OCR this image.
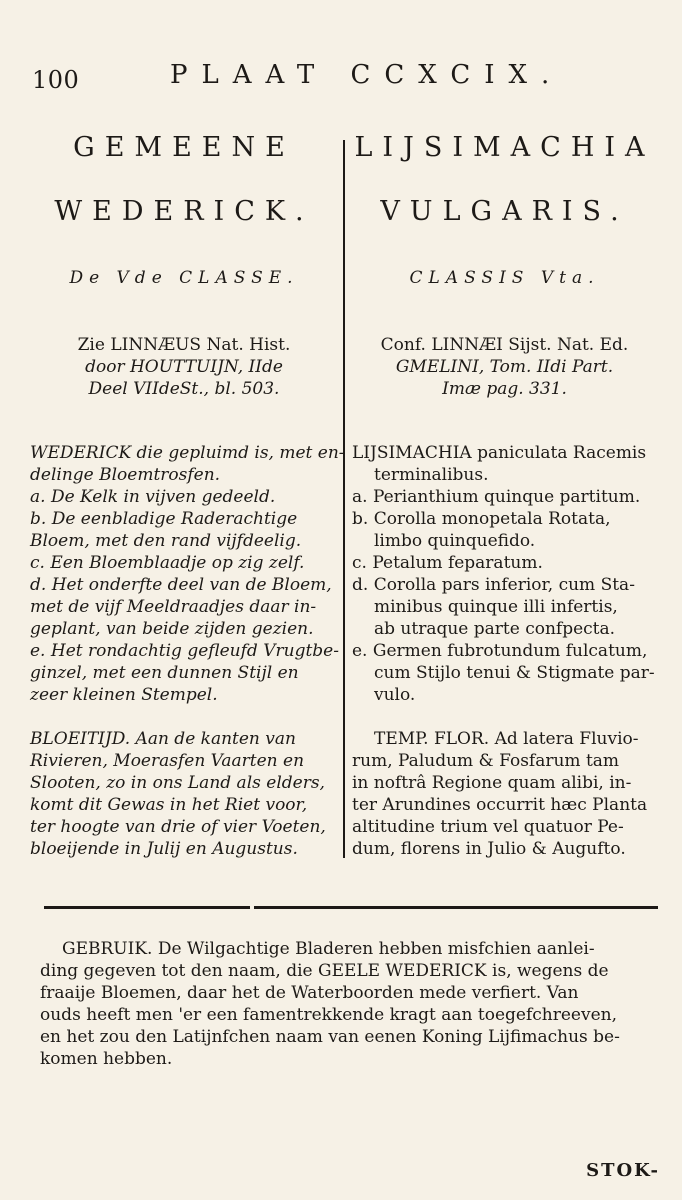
100	PLAAT CCXCIX.
GEMEENE
WEDERICK.
De Vde CLASSE.
Zie LINNÆUS Nat. Hist.
door HOUTTUIJN, IIde
Deel VIIdeSt., bl. 503.
WEDERICK die gepluimd is, met en-
delinge Bloemtrosfen.
a. De Kelk in vijven gedeeld.
b. De eenbladige Raderachtige
Bloem, met den rand vijfdeelig.
c. Een Bloemblaadje op zig zelf.
d. Het onderfte deel van de Bloem,
met de vijf Meeldraadjes daar in-
geplant, van beide zijden gezien.
e. Het rondachtig gefleufd Vrugtbe-
ginzel, met een dunnen Stijl en
zeer kleinen Stempel.
BLOEITIJD. Aan de kanten van
Rivieren, Moerasfen Vaarten en
Slooten, zo in ons Land als elders,
komt dit Gewas in het Riet voor,
ter hoogte van drie of vier Voeten,
bloeijende in Julij en Augustus.
LIJSIMACHIA
VULGARIS.
CLASSIS Vta.
Conf. LINNÆI Sijst. Nat. Ed.
GMELINI, Tom. IIdi Part.
Imæ pag. 331.
LIJSIMACHIA paniculata Racemis
terminalibus.
a. Perianthium quinque partitum.
b. Corolla monopetala Rotata,
limbo quinquefido.
c. Petalum feparatum.
d. Corolla pars inferior, cum Sta-
minibus quinque illi infertis,
ab utraque parte confpecta.
e. Germen fubrotundum fulcatum,
cum Stijlo tenui & Stigmate par-
vulo.
TEMP. FLOR. Ad latera Fluvio-
rum, Paludum & Fosfarum tam
in noftrâ Regione quam alibi, in-
ter Arundines occurrit hæc Planta
altitudine trium vel quatuor Pe-
dum, florens in Julio & Augufto.
GEBRUIK. De Wilgachtige Bladeren hebben misfchien aanlei-
ding gegeven tot den naam, die GEELE WEDERICK is, wegens de
fraaije Bloemen, daar het de Waterboorden mede verfiert. Van
ouds heeft men 'er een famentrekkende kragt aan toegefchreeven,
en het zou den Latijnfchen naam van eenen Koning Lijfimachus be-
komen hebben.
STOK-
